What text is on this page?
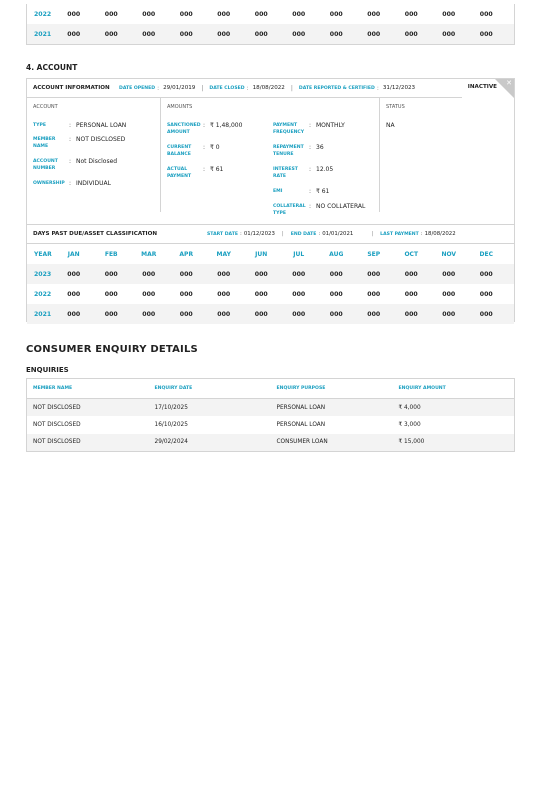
2022	000	000	000	000	000	000	000	000	000	000	000	000
2021	000	000	000	000	000	000	000	000	000	000	000	000
4. ACCOUNT
ACCOUNT INFORMATION	DATE OPENED : 29/01/2019 | DATE CLOSED : 18/08/2022 | DATE REPORTED & CERTIFIED : 31/12/2023	INACTIVE ✕
ACCOUNT
TYPE	: PERSONAL LOAN
MEMBER NAME
: NOT DISCLOSED
ACCOUNT NUMBER
: Not Disclosed
OWNERSHIP : INDIVIDUAL
AMOUNTS
SANCTIONED AMOUNT
: ₹ 1,48,000
CURRENT BALANCE
: ₹ 0
ACTUAL PAYMENT
: ₹ 61
PAYMENT FREQUENCY
: MONTHLY
REPAYMENT TENURE
: 36
INTEREST RATE
: 12.05
EMI	: ₹ 61
COLLATERAL TYPE
: NO COLLATERAL
STATUS
NA
DAYS PAST DUE/ASSET CLASSIFICATION	START DATE : 01/12/2023 | END DATE : 01/01/2021	| LAST PAYMENT : 18/08/2022
YEAR	JAN	FEB	MAR	APR	MAY	JUN	JUL	AUG	SEP	OCT	NOV	DEC
2023	000	000	000	000	000	000	000	000	000	000	000	000
2022	000	000	000	000	000	000	000	000	000	000	000	000
2021	000	000	000	000	000	000	000	000	000	000	000	000
CONSUMER ENQUIRY DETAILS
ENQUIRIES
MEMBER NAME	ENQUIRY DATE	ENQUIRY PURPOSE	ENQUIRY AMOUNT
NOT DISCLOSED	17/10/2025	PERSONAL LOAN	₹ 4,000
NOT DISCLOSED	16/10/2025	PERSONAL LOAN	₹ 3,000
NOT DISCLOSED	29/02/2024	CONSUMER LOAN	₹ 15,000
